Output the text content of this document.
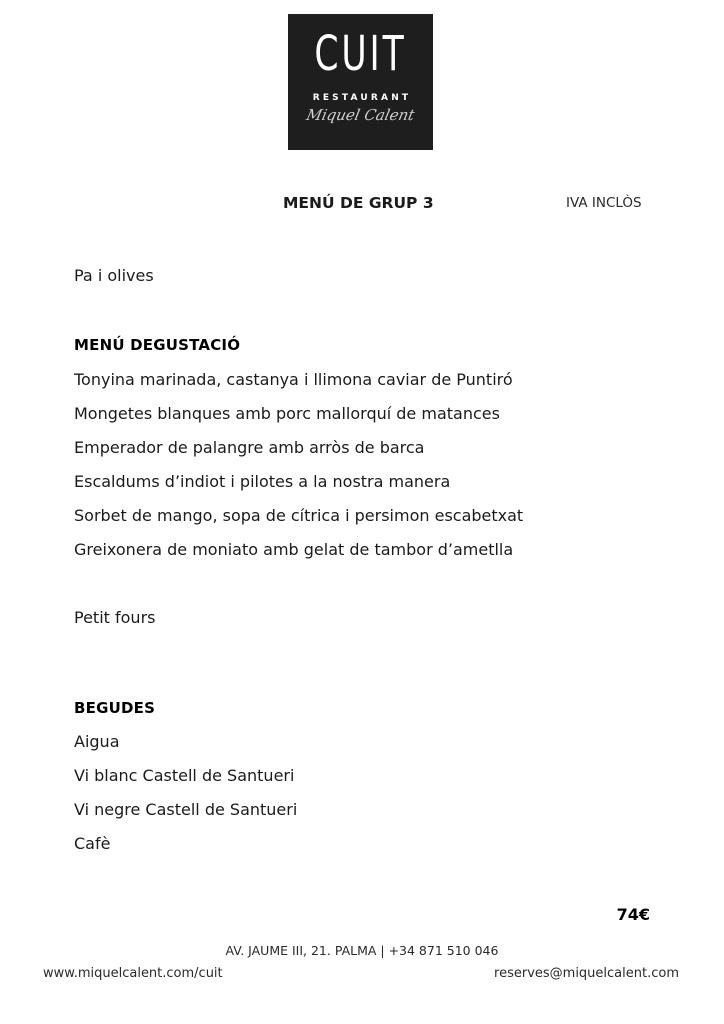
CUIT
RESTAURANT
Miquel Calent
MENÚ DE GRUP 3	IVA INCLÒS
Pa i olives
MENÚ DEGUSTACIÓ
Tonyina marinada, castanya i llimona caviar de Puntiró
Mongetes blanques amb porc mallorquí de matances
Emperador de palangre amb arròs de barca
Escaldums d’indiot i pilotes a la nostra manera
Sorbet de mango, sopa de cítrica i persimon escabetxat
Greixonera de moniato amb gelat de tambor d’ametlla
Petit fours
BEGUDES
Aigua
Vi blanc Castell de Santueri
Vi negre Castell de Santueri
Cafè
74€
AV. JAUME III, 21. PALMA | +34 871 510 046
www.miquelcalent.com/cuit	reserves@miquelcalent.com
